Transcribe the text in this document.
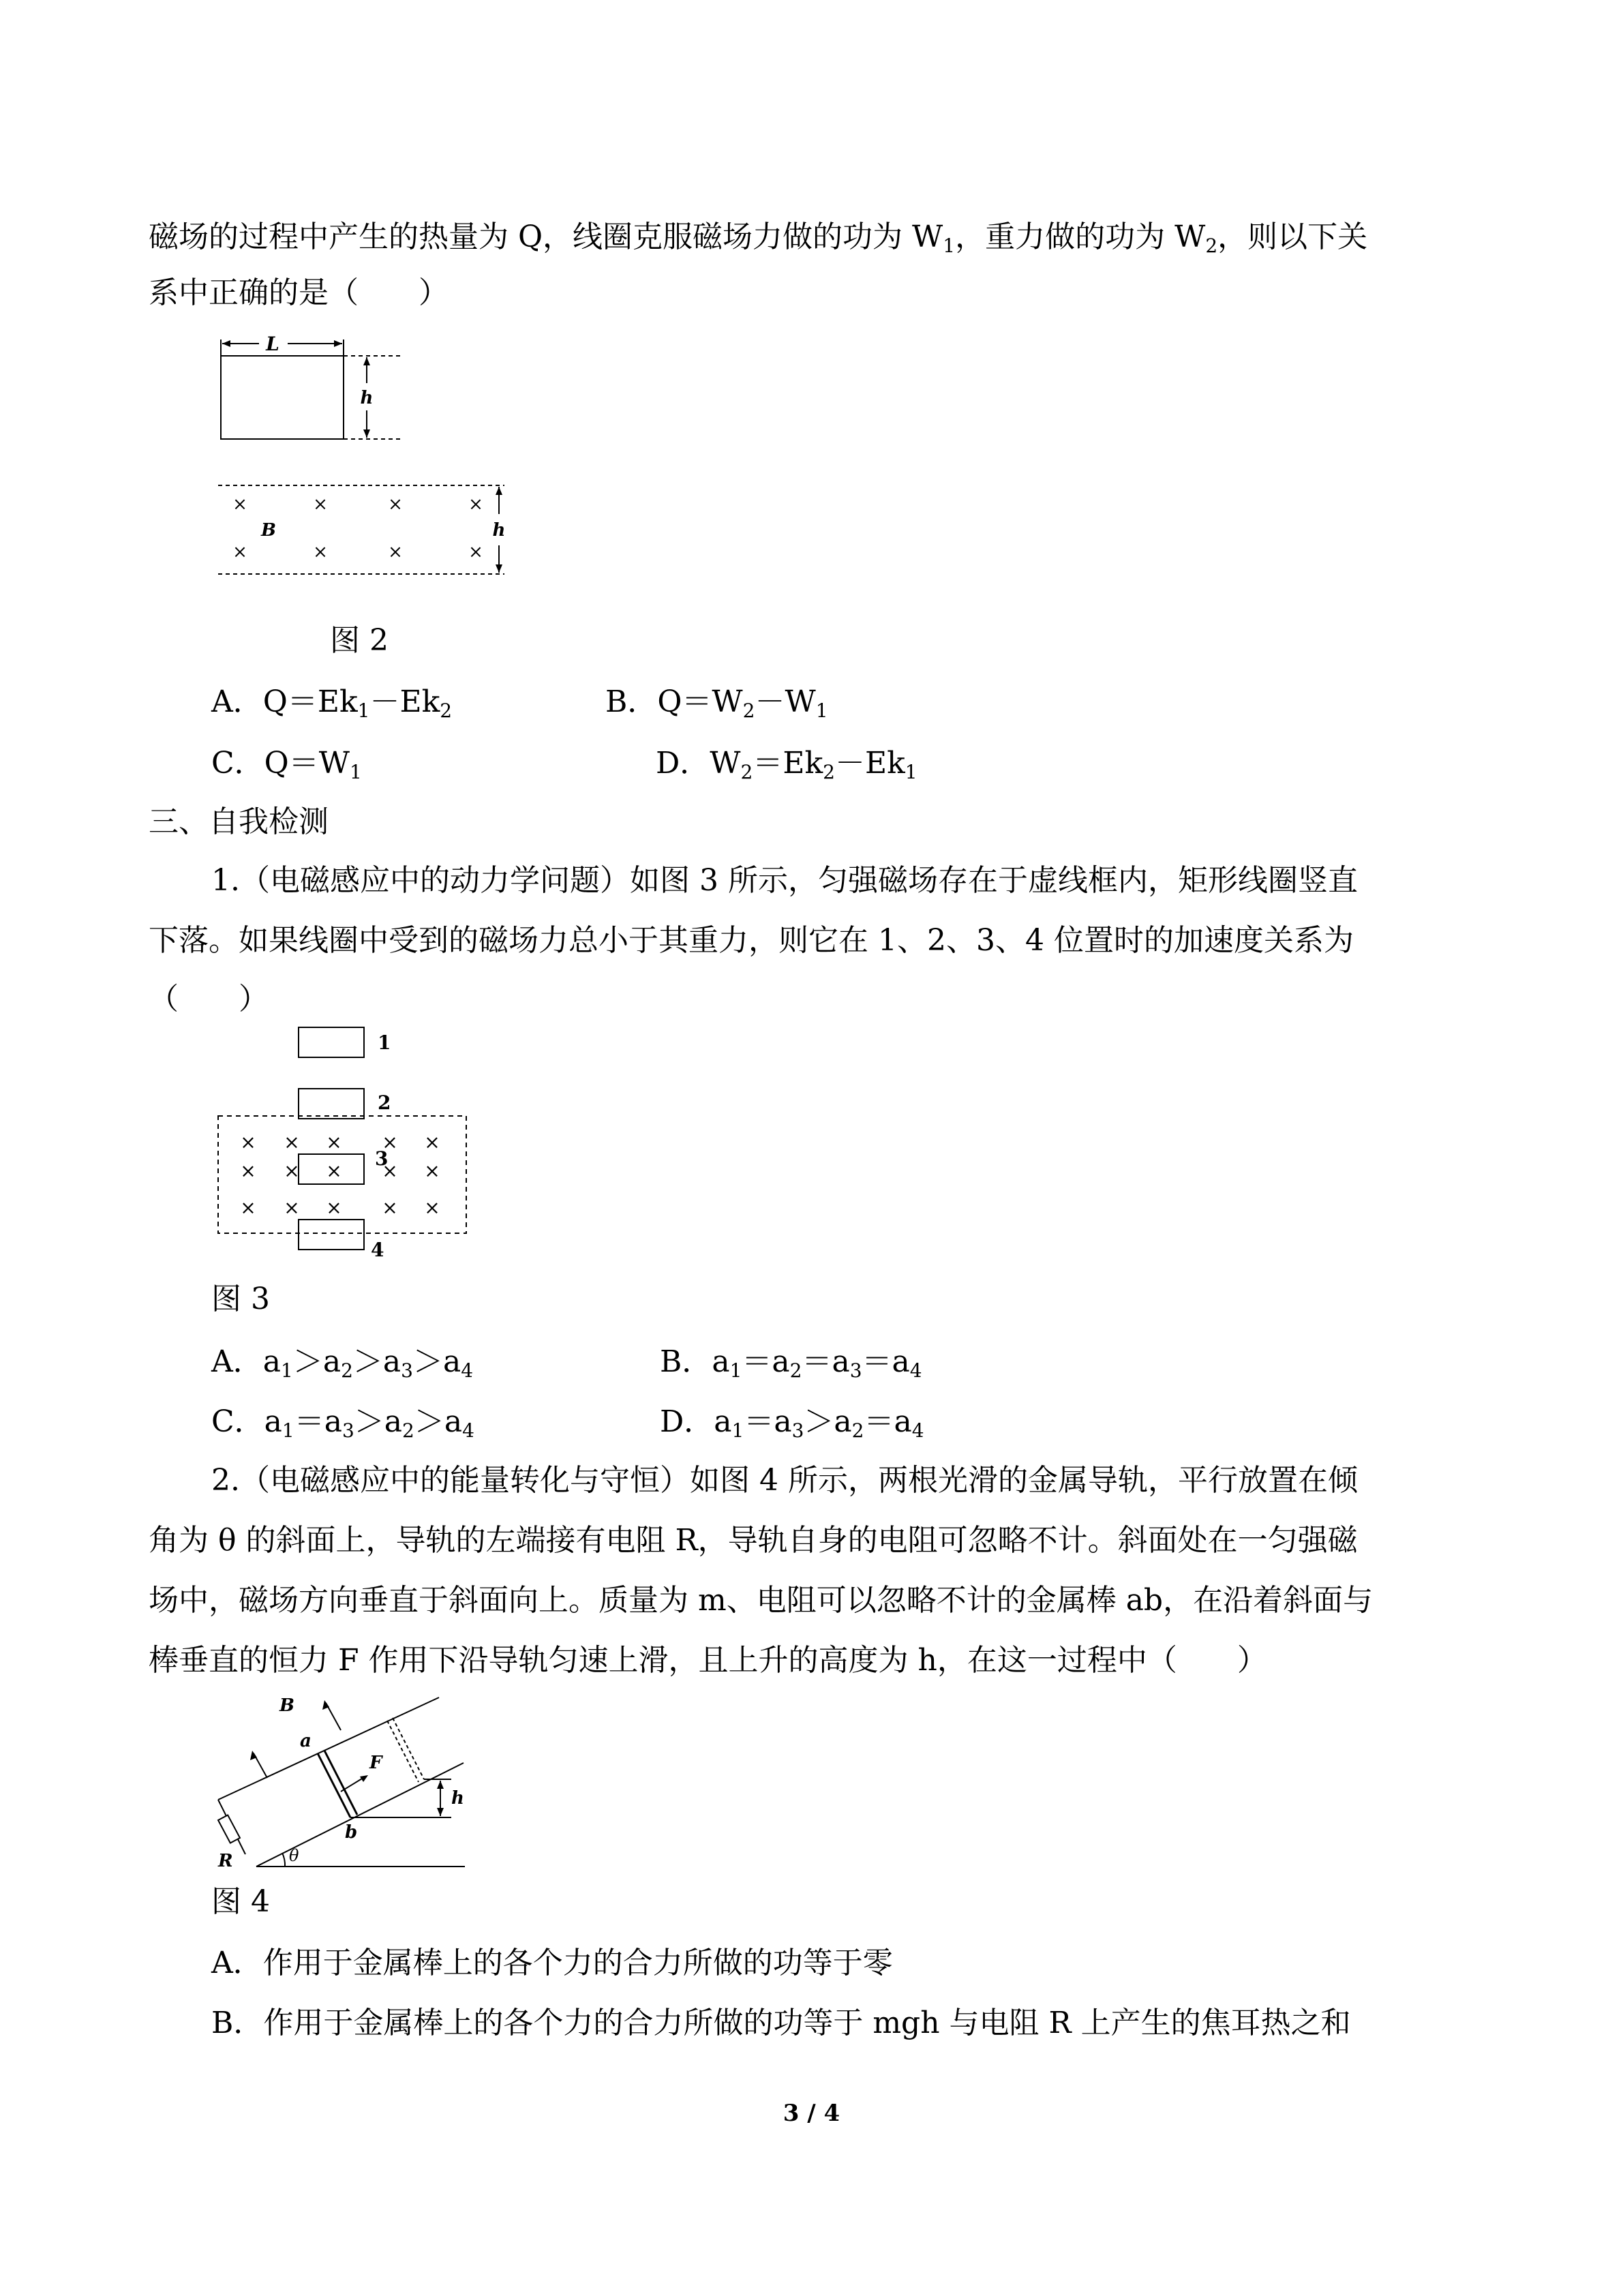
磁场的过程中产生的热量为 Q，线圈克服磁场力做的功为 $W_1$，重力做的功为 $W_2$，则以下关
系中正确的是（　　）
L
h
×	×	×	×
×	×	×	×
B	h
图 2
A．$Q=Ek_1-Ek_2$	B．$Q=W_2-W_1$
C．$Q=W_1$	D．$W_2=Ek_2-Ek_1$
三、自我检测
1.（电磁感应中的动力学问题）如图 3 所示，匀强磁场存在于虚线框内，矩形线圈竖直
下落。如果线圈中受到的磁场力总小于其重力，则它在 1、2、3、4 位置时的加速度关系为
（　　）
1
2
3
4
× × × × ×
× × × × ×
× × × × ×
图 3
A．$a_1>a_2>a_3>a_4$	B．$a_1=a_2=a_3=a_4$
C．$a_1=a_3>a_2>a_4$	D．$a_1=a_3>a_2=a_4$
2.（电磁感应中的能量转化与守恒）如图 4 所示，两根光滑的金属导轨，平行放置在倾
角为 θ 的斜面上，导轨的左端接有电阻 R，导轨自身的电阻可忽略不计。斜面处在一匀强磁
场中，磁场方向垂直于斜面向上。质量为 m、电阻可以忽略不计的金属棒 ab，在沿着斜面与
棒垂直的恒力 F 作用下沿导轨匀速上滑，且上升的高度为 h，在这一过程中（　　）
h
B
F
a
b
R	θ
图 4
A．作用于金属棒上的各个力的合力所做的功等于零
B．作用于金属棒上的各个力的合力所做的功等于 mgh 与电阻 R 上产生的焦耳热之和
3 / 4
